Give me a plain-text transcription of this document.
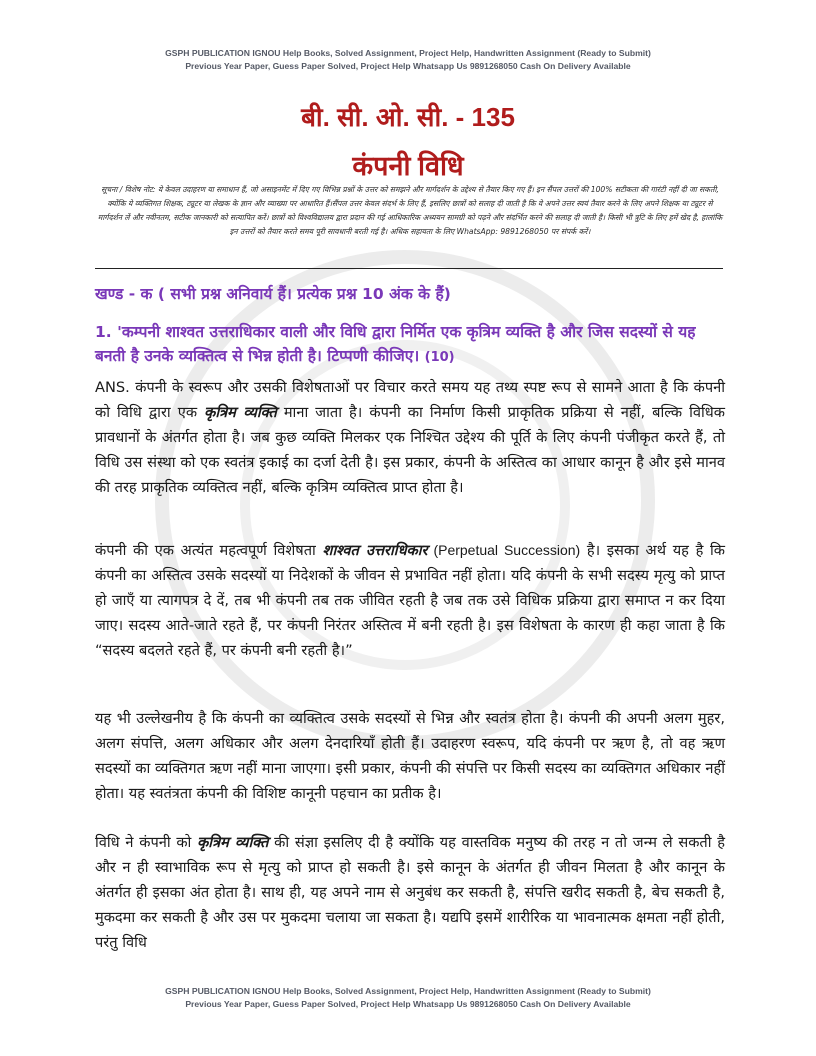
GSPH PUBLICATION IGNOU Help Books, Solved Assignment, Project Help, Handwritten Assignment (Ready to Submit)
Previous Year Paper, Guess Paper Solved, Project Help Whatsapp Us 9891268050 Cash On Delivery Available
बी. सी. ओ. सी. - 135
कंपनी विधि
सूचना / विशेष नोट: ये केवल उदाहरण या समाधान हैं, जो असाइनमेंट में दिए गए विभिन्न प्रश्नों के उत्तर को समझने और मार्गदर्शन के उद्देश्य से तैयार किए गए हैं। इन सैंपल उत्तरों की 100% सटीकता की गारंटी नहीं दी जा सकती, क्योंकि ये व्यक्तिगत शिक्षक, ट्यूटर या लेखक के ज्ञान और व्याख्या पर आधारित हैं।सैंपल उत्तर केवल संदर्भ के लिए हैं, इसलिए छात्रों को सलाह दी जाती है कि वे अपने उत्तर स्वयं तैयार करने के लिए अपने शिक्षक या ट्यूटर से मार्गदर्शन लें और नवीनतम, सटीक जानकारी को सत्यापित करें। छात्रों को विश्वविद्यालय द्वारा प्रदान की गई आधिकारिक अध्ययन सामग्री को पढ़ने और संदर्भित करने की सलाह दी जाती है। किसी भी त्रुटि के लिए हमें खेद है, हालांकि इन उत्तरों को तैयार करते समय पूरी सावधानी बरती गई है। अधिक सहायता के लिए WhatsApp: 9891268050 पर संपर्क करें।
खण्ड - क ( सभी प्रश्न अनिवार्य हैं। प्रत्येक प्रश्न 10 अंक के हैं)
1. 'कम्पनी शाश्वत उत्तराधिकार वाली और विधि द्वारा निर्मित एक कृत्रिम व्यक्ति है और जिस सदस्यों से यह बनती है उनके व्यक्तित्व से भिन्न होती है। टिप्पणी कीजिए। (10)
ANS. कंपनी के स्वरूप और उसकी विशेषताओं पर विचार करते समय यह तथ्य स्पष्ट रूप से सामने आता है कि कंपनी को विधि द्वारा एक कृत्रिम व्यक्ति माना जाता है। कंपनी का निर्माण किसी प्राकृतिक प्रक्रिया से नहीं, बल्कि विधिक प्रावधानों के अंतर्गत होता है। जब कुछ व्यक्ति मिलकर एक निश्चित उद्देश्य की पूर्ति के लिए कंपनी पंजीकृत करते हैं, तो विधि उस संस्था को एक स्वतंत्र इकाई का दर्जा देती है। इस प्रकार, कंपनी के अस्तित्व का आधार कानून है और इसे मानव की तरह प्राकृतिक व्यक्तित्व नहीं, बल्कि कृत्रिम व्यक्तित्व प्राप्त होता है।
कंपनी की एक अत्यंत महत्वपूर्ण विशेषता शाश्वत उत्तराधिकार (Perpetual Succession) है। इसका अर्थ यह है कि कंपनी का अस्तित्व उसके सदस्यों या निदेशकों के जीवन से प्रभावित नहीं होता। यदि कंपनी के सभी सदस्य मृत्यु को प्राप्त हो जाएँ या त्यागपत्र दे दें, तब भी कंपनी तब तक जीवित रहती है जब तक उसे विधिक प्रक्रिया द्वारा समाप्त न कर दिया जाए। सदस्य आते-जाते रहते हैं, पर कंपनी निरंतर अस्तित्व में बनी रहती है। इस विशेषता के कारण ही कहा जाता है कि “सदस्य बदलते रहते हैं, पर कंपनी बनी रहती है।”
यह भी उल्लेखनीय है कि कंपनी का व्यक्तित्व उसके सदस्यों से भिन्न और स्वतंत्र होता है। कंपनी की अपनी अलग मुहर, अलग संपत्ति, अलग अधिकार और अलग देनदारियाँ होती हैं। उदाहरण स्वरूप, यदि कंपनी पर ऋण है, तो वह ऋण सदस्यों का व्यक्तिगत ऋण नहीं माना जाएगा। इसी प्रकार, कंपनी की संपत्ति पर किसी सदस्य का व्यक्तिगत अधिकार नहीं होता। यह स्वतंत्रता कंपनी की विशिष्ट कानूनी पहचान का प्रतीक है।
विधि ने कंपनी को कृत्रिम व्यक्ति की संज्ञा इसलिए दी है क्योंकि यह वास्तविक मनुष्य की तरह न तो जन्म ले सकती है और न ही स्वाभाविक रूप से मृत्यु को प्राप्त हो सकती है। इसे कानून के अंतर्गत ही जीवन मिलता है और कानून के अंतर्गत ही इसका अंत होता है। साथ ही, यह अपने नाम से अनुबंध कर सकती है, संपत्ति खरीद सकती है, बेच सकती है, मुकदमा कर सकती है और उस पर मुकदमा चलाया जा सकता है। यद्यपि इसमें शारीरिक या भावनात्मक क्षमता नहीं होती, परंतु विधि
GSPH PUBLICATION IGNOU Help Books, Solved Assignment, Project Help, Handwritten Assignment (Ready to Submit)
Previous Year Paper, Guess Paper Solved, Project Help Whatsapp Us 9891268050 Cash On Delivery Available
